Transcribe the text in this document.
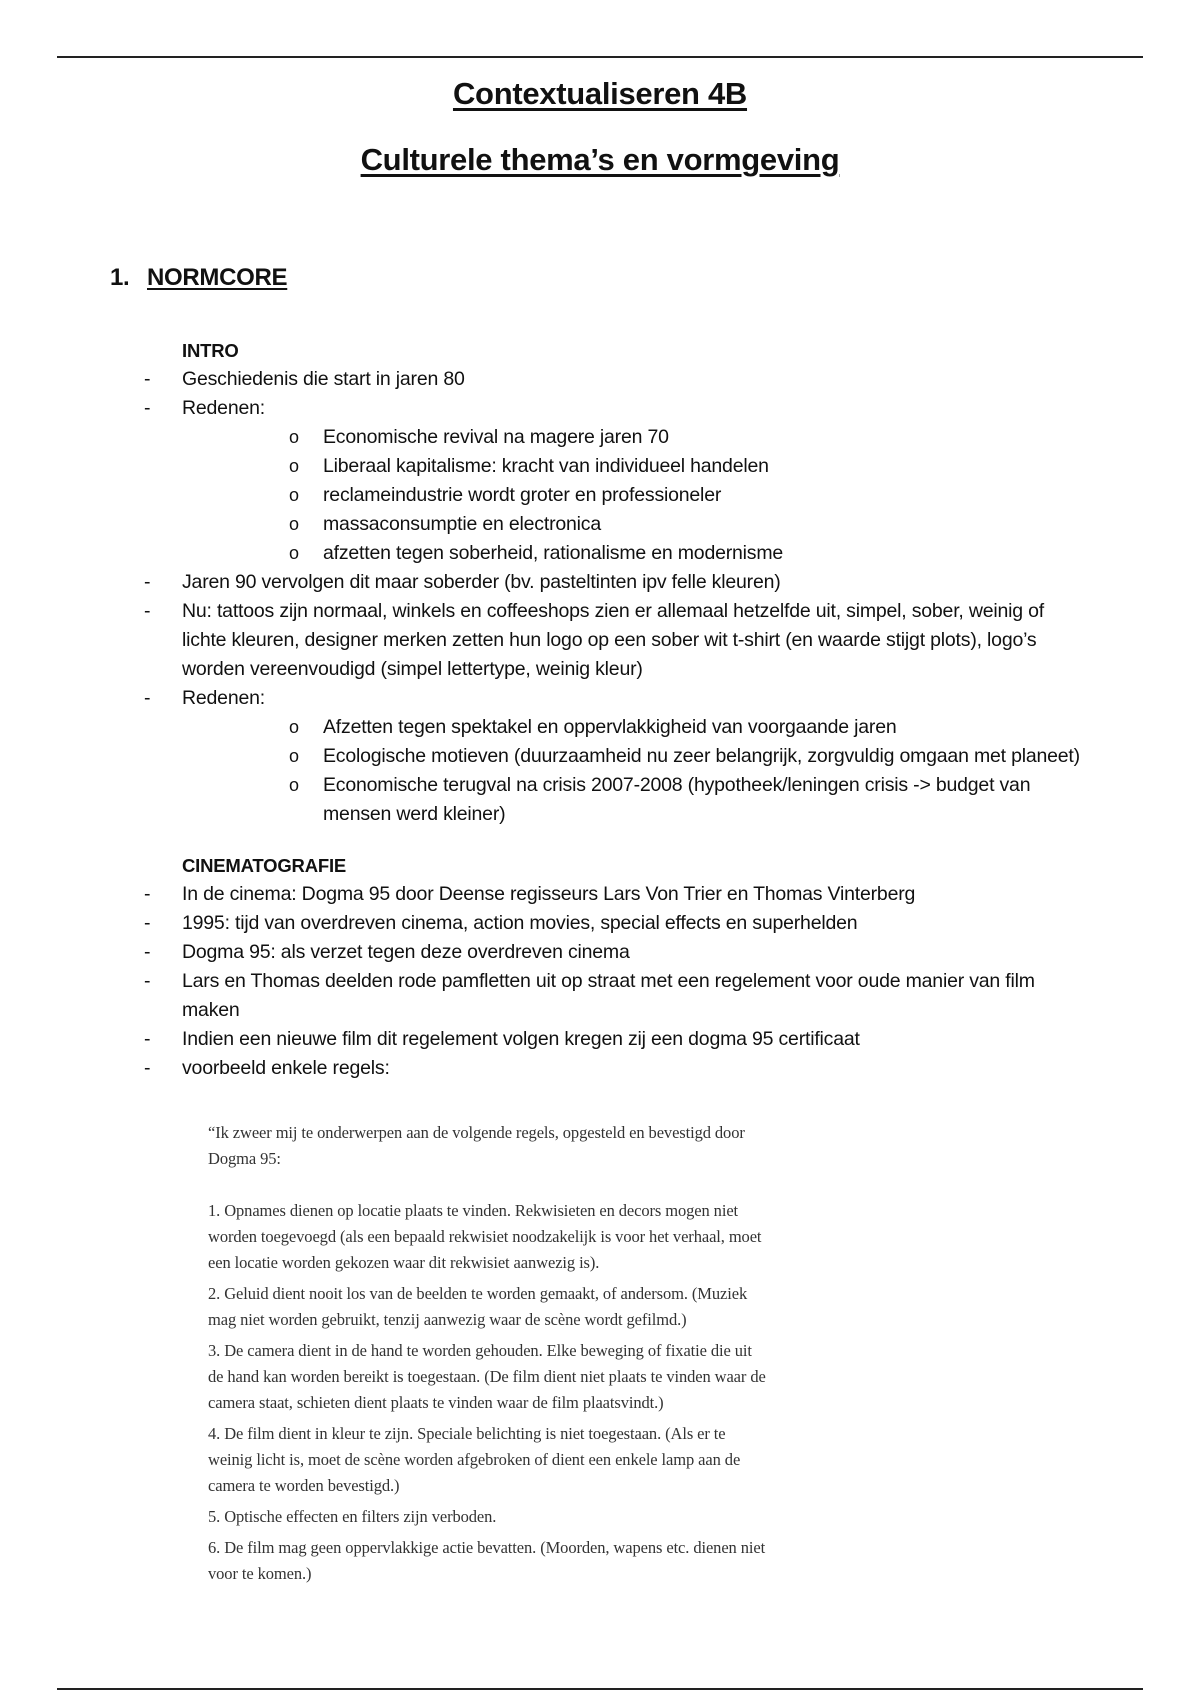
Contextualiseren 4B
Culturele thema’s en vormgeving
1. NORMCORE
INTRO
-	Geschiedenis die start in jaren 80
-	Redenen:
o	Economische revival na magere jaren 70
o	Liberaal kapitalisme: kracht van individueel handelen
o	reclameindustrie wordt groter en professioneler
o	massaconsumptie en electronica
o	afzetten tegen soberheid, rationalisme en modernisme
-	Jaren 90 vervolgen dit maar soberder (bv. pasteltinten ipv felle kleuren)
-	Nu: tattoos zijn normaal, winkels en coffeeshops zien er allemaal hetzelfde uit, simpel, sober, weinig of
lichte kleuren, designer merken zetten hun logo op een sober wit t-shirt (en waarde stijgt plots), logo’s
worden vereenvoudigd (simpel lettertype, weinig kleur)
-	Redenen:
o	Afzetten tegen spektakel en oppervlakkigheid van voorgaande jaren
o	Ecologische motieven (duurzaamheid nu zeer belangrijk, zorgvuldig omgaan met planeet)
o	Economische terugval na crisis 2007-2008 (hypotheek/leningen crisis -> budget van
mensen werd kleiner)
CINEMATOGRAFIE
-	In de cinema: Dogma 95 door Deense regisseurs Lars Von Trier en Thomas Vinterberg
-	1995: tijd van overdreven cinema, action movies, special effects en superhelden
-	Dogma 95: als verzet tegen deze overdreven cinema
-	Lars en Thomas deelden rode pamfletten uit op straat met een regelement voor oude manier van film
maken
-	Indien een nieuwe film dit regelement volgen kregen zij een dogma 95 certificaat
-	voorbeeld enkele regels:

“Ik zweer mij te onderwerpen aan de volgende regels, opgesteld en bevestigd door
Dogma 95:

1. Opnames dienen op locatie plaats te vinden. Rekwisieten en decors mogen niet
worden toegevoegd (als een bepaald rekwisiet noodzakelijk is voor het verhaal, moet
een locatie worden gekozen waar dit rekwisiet aanwezig is).

2. Geluid dient nooit los van de beelden te worden gemaakt, of andersom. (Muziek
mag niet worden gebruikt, tenzij aanwezig waar de scène wordt gefilmd.)

3. De camera dient in de hand te worden gehouden. Elke beweging of fixatie die uit
de hand kan worden bereikt is toegestaan. (De film dient niet plaats te vinden waar de
camera staat, schieten dient plaats te vinden waar de film plaatsvindt.)

4. De film dient in kleur te zijn. Speciale belichting is niet toegestaan. (Als er te
weinig licht is, moet de scène worden afgebroken of dient een enkele lamp aan de
camera te worden bevestigd.)

5. Optische effecten en filters zijn verboden.

6. De film mag geen oppervlakkige actie bevatten. (Moorden, wapens etc. dienen niet
voor te komen.)
